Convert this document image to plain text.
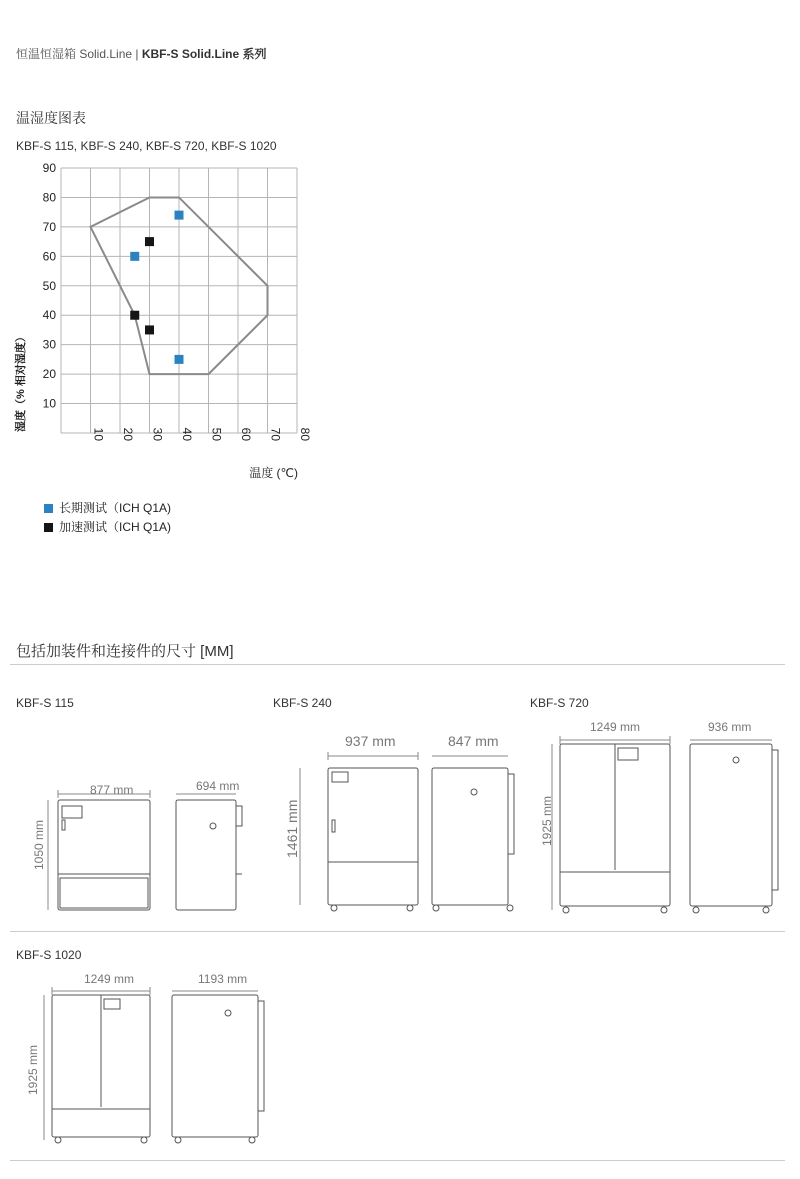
恒温恒湿箱 Solid.Line | KBF-S Solid.Line 系列
温湿度图表
KBF-S 115, KBF-S 240, KBF-S 720, KBF-S 1020
10
20
30
40
50
60
70
80
90
10 20 30 40 50 60 70 80
湿度（% 相对湿度）
温度 (℃)
长期测试（ICH Q1A)
加速测试（ICH Q1A)
包括加装件和连接件的尺寸 [MM]
KBF-S 115	KBF-S 240	KBF-S 720
KBF-S 1020
877 mm	694 mm
1050 mm
937 mm	847 mm
1461 mm
1249 mm	936 mm
1925 mm
1249 mm	1193 mm
1925 mm
